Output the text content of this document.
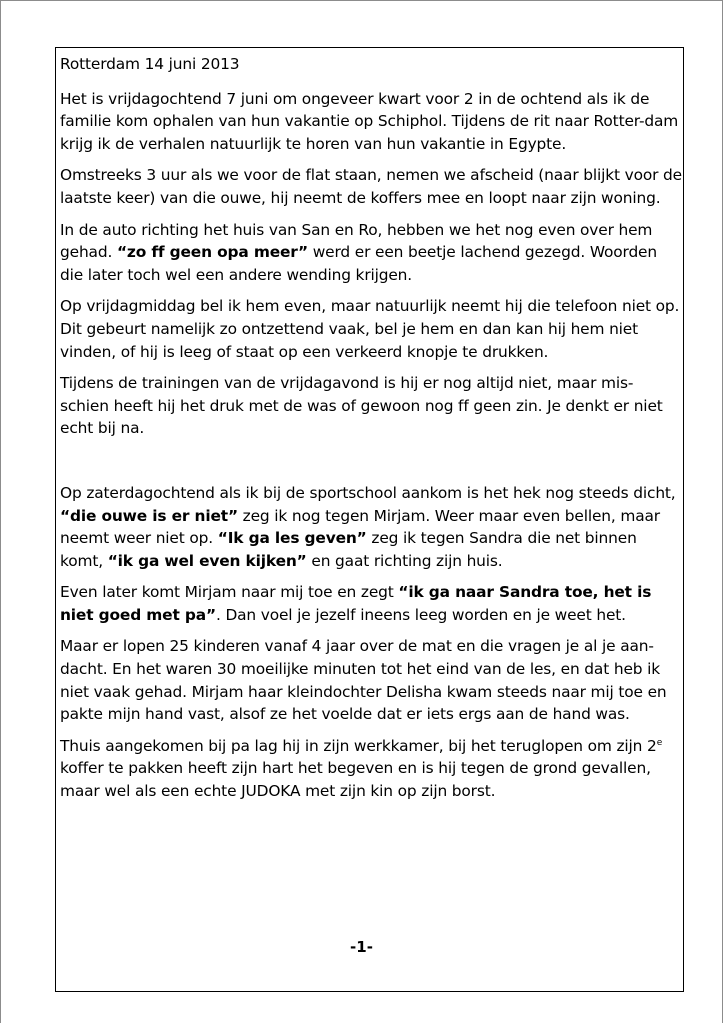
Rotterdam 14 juni 2013

Het is vrijdagochtend 7 juni om ongeveer kwart voor 2 in de ochtend als ik de familie kom ophalen van hun vakantie op Schiphol. Tijdens de rit naar Rotter-dam krijg ik de verhalen natuurlijk te horen van hun vakantie in Egypte.

Omstreeks 3 uur als we voor de flat staan, nemen we afscheid (naar blijkt voor de laatste keer) van die ouwe, hij neemt de koffers mee en loopt naar zijn woning.

In de auto richting het huis van San en Ro, hebben we het nog even over hem gehad. “zo ff geen opa meer” werd er een beetje lachend gezegd. Woorden die later toch wel een andere wending krijgen.

Op vrijdagmiddag bel ik hem even, maar natuurlijk neemt hij die telefoon niet op. Dit gebeurt namelijk zo ontzettend vaak, bel je hem en dan kan hij hem niet vinden, of hij is leeg of staat op een verkeerd knopje te drukken.

Tijdens de trainingen van de vrijdagavond is hij er nog altijd niet, maar mis-schien heeft hij het druk met de was of gewoon nog ff geen zin. Je denkt er niet echt bij na.

Op zaterdagochtend als ik bij de sportschool aankom is het hek nog steeds dicht, “die ouwe is er niet” zeg ik nog tegen Mirjam. Weer maar even bellen, maar neemt weer niet op. “Ik ga les geven” zeg ik tegen Sandra die net binnen komt, “ik ga wel even kijken” en gaat richting zijn huis.

Even later komt Mirjam naar mij toe en zegt “ik ga naar Sandra toe, het is niet goed met pa”. Dan voel je jezelf ineens leeg worden en je weet het.

Maar er lopen 25 kinderen vanaf 4 jaar over de mat en die vragen je al je aan-dacht. En het waren 30 moeilijke minuten tot het eind van de les, en dat heb ik niet vaak gehad. Mirjam haar kleindochter Delisha kwam steeds naar mij toe en pakte mijn hand vast, alsof ze het voelde dat er iets ergs aan de hand was.

Thuis aangekomen bij pa lag hij in zijn werkkamer, bij het teruglopen om zijn 2e koffer te pakken heeft zijn hart het begeven en is hij tegen de grond gevallen, maar wel als een echte JUDOKA met zijn kin op zijn borst.

-1-
